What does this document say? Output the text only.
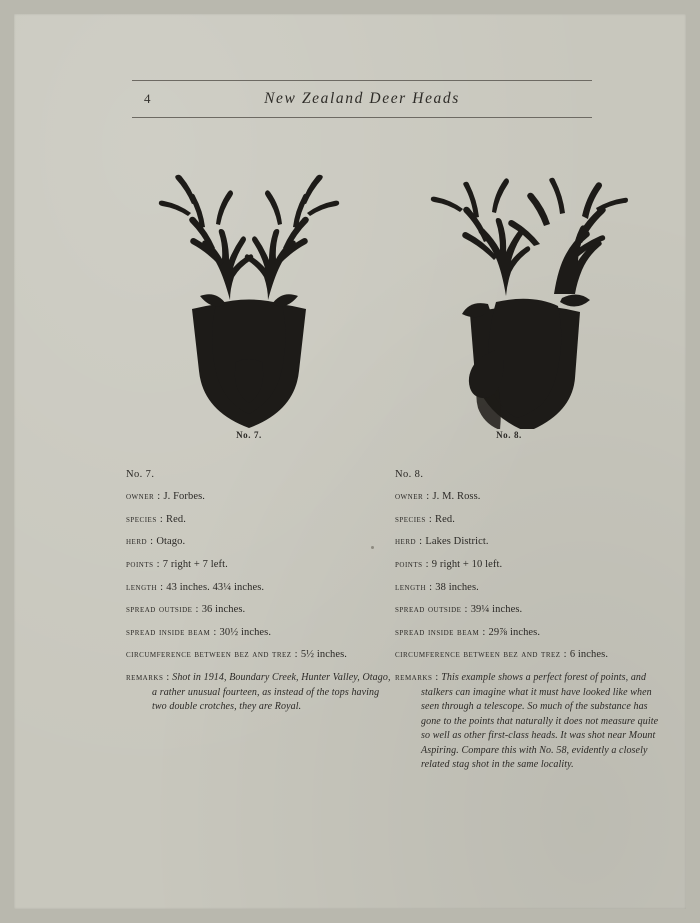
4	New Zealand Deer Heads
No. 7.	No. 8.
No. 7.
owner : J. Forbes.
species : Red.
herd : Otago.
points : 7 right + 7 left.
length : 43 inches. 43¼ inches.
spread outside : 36 inches.
spread inside beam : 30½ inches.
circumference between bez and trez : 5½ inches.
remarks : Shot in 1914, Boundary Creek, Hunter Valley, Otago, a rather unusual fourteen, as instead of the tops having two double crotches, they are Royal.
No. 8.
owner : J. M. Ross.
species : Red.
herd : Lakes District.
points : 9 right + 10 left.
length : 38 inches.
spread outside : 39¼ inches.
spread inside beam : 29⅞ inches.
circumference between bez and trez : 6 inches.
remarks : This example shows a perfect forest of points, and stalkers can imagine what it must have looked like when seen through a telescope. So much of the substance has gone to the points that naturally it does not measure quite so well as other first-class heads. It was shot near Mount Aspiring. Compare this with No. 58, evidently a closely related stag shot in the same locality.
